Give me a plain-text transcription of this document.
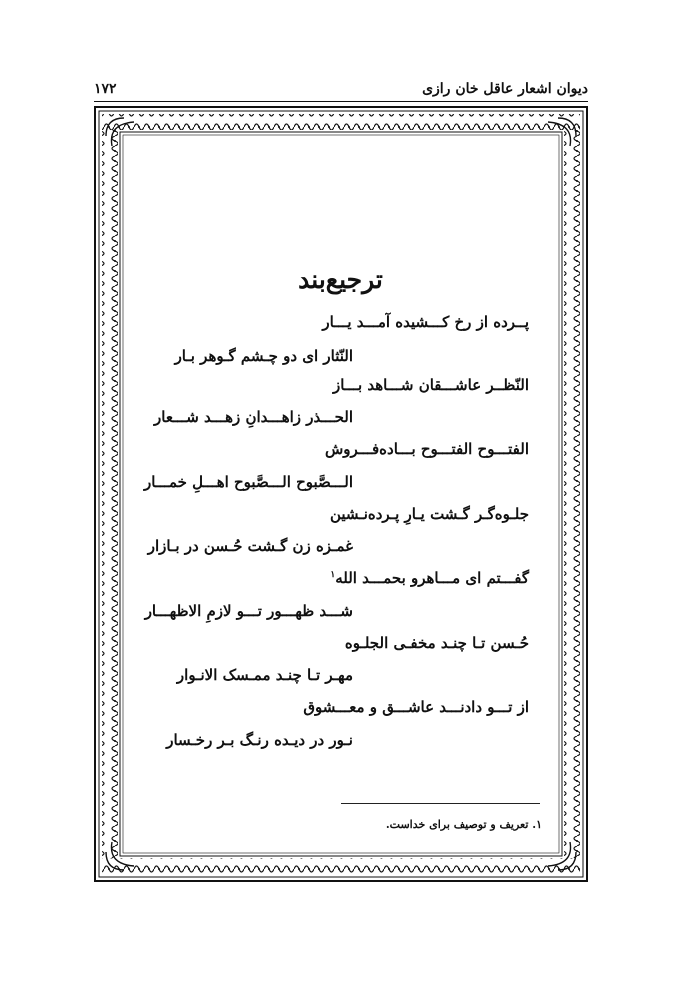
۱۷۲	دیوان اشعار عاقل خان رازی
ترجیع‌بند
پــرده از رخ کـــشیده آمـــد یـــار
النّثار ای دو چـشم گـوهر بـار
النّظــر عاشـــقان شـــاهد بـــاز
الحـــذر زاهـــدانِ زهـــد شـــعار
الفتـــوح الفتـــوح بـــاده‌فـــروش
الـــصَّبوح الـــصَّبوح اهـــلِ خمـــار
جلـوه‌گـر گـشت یـارِ پـرده‌نـشین
غمـزه زن گـشت حُـسن در بـازار
گفـــتم ای مـــاهرو بحمـــد الله$^۱$
شـــد ظهـــور تـــو لازمِ الاظهـــار
حُـسن تـا چنـد مخفـی الجلـوه
مهـر تـا چنـد ممـسک الانـوار
از تـــو دادنـــد عاشـــق و معـــشوق
نـور در دیـده رنـگ بـر رخـسار
۱. تعریف و توصیف برای خداست.
